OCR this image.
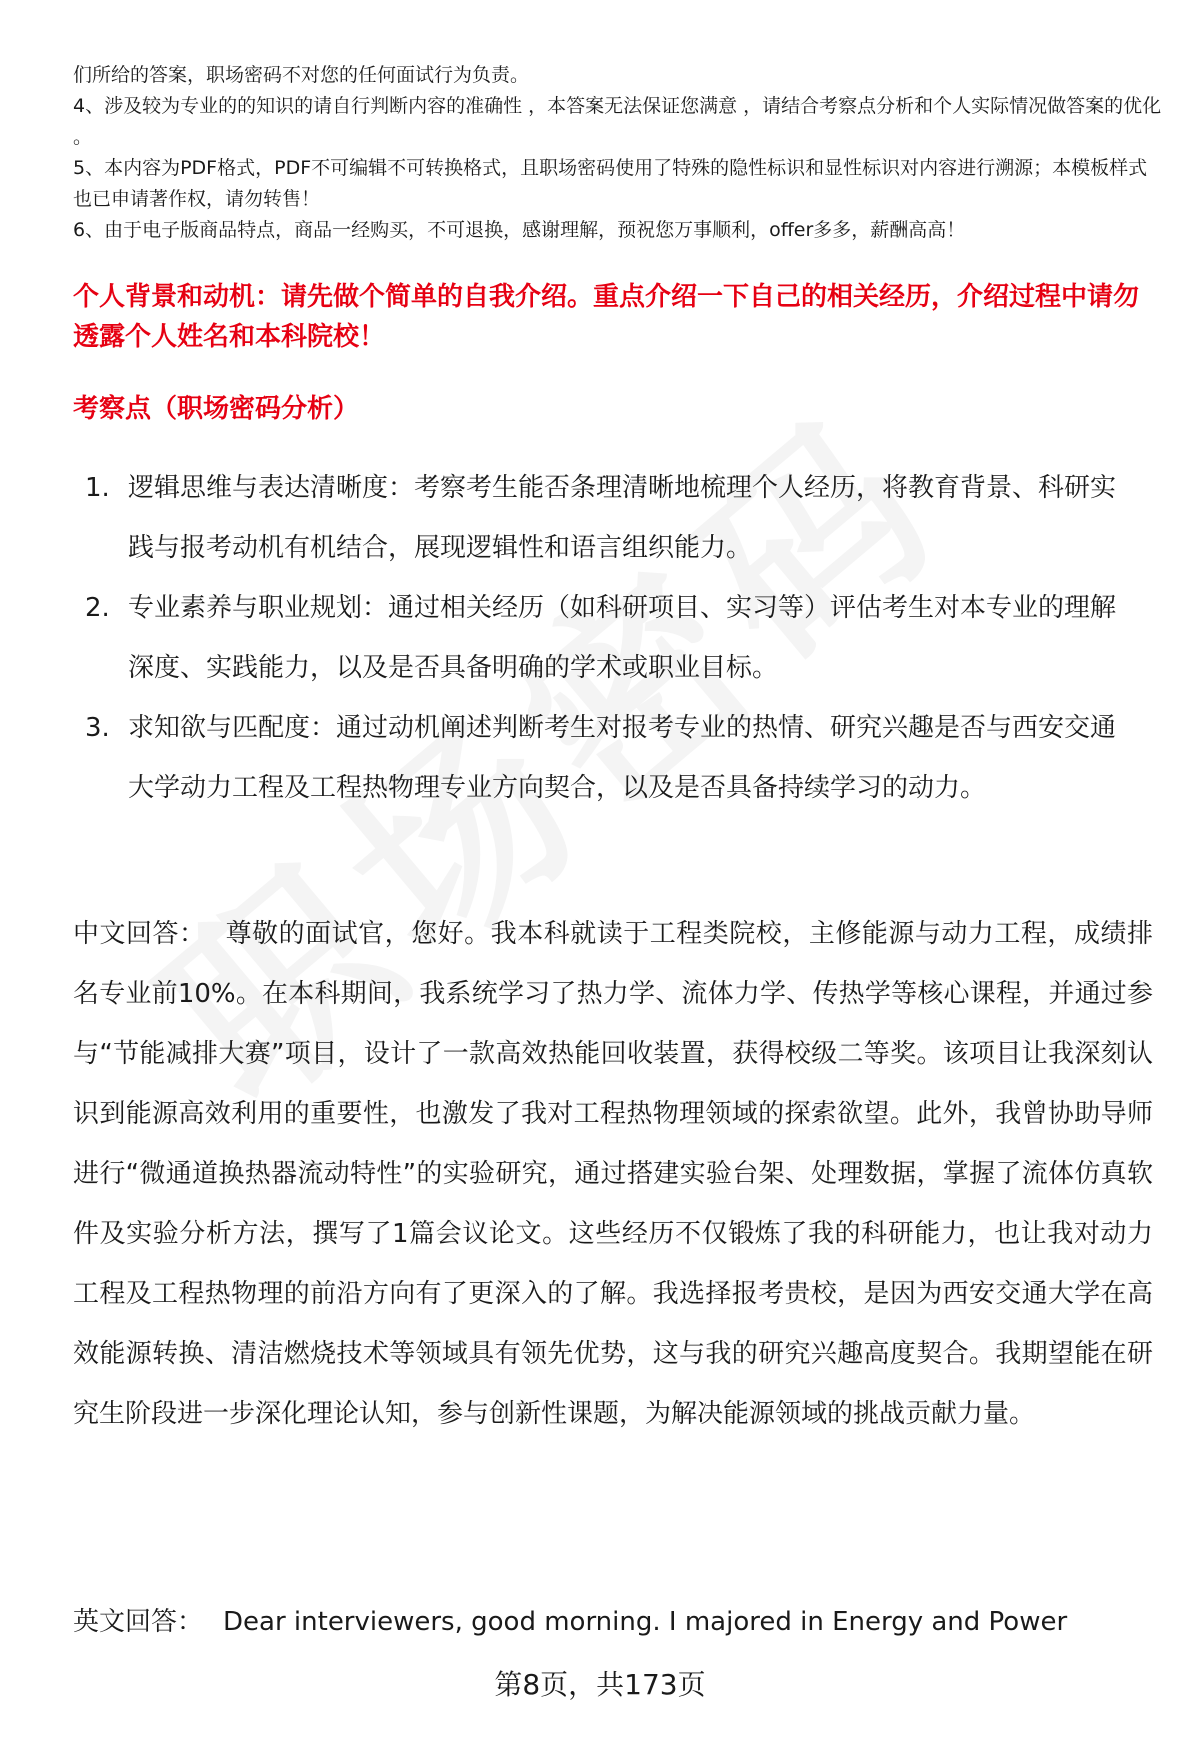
们所给的答案，职场密码不对您的任何面试行为负责。

4、涉及较为专业的的知识的请自行判断内容的准确性 ，本答案无法保证您满意 ，请结合考察点分析和个人实际情况做答案的优化 。

5、本内容为PDF格式，PDF不可编辑不可转换格式，且职场密码使用了特殊的隐性标识和显性标识对内容进行溯源；本模板样式也已申请著作权，请勿转售！

6、由于电子版商品特点，商品一经购买，不可退换，感谢理解，预祝您万事顺利，offer多多，薪酬高高！

个人背景和动机：请先做个简单的自我介绍。重点介绍一下自己的相关经历，介绍过程中请勿透露个人姓名和本科院校！
考察点（职场密码分析）
1. 逻辑思维与表达清晰度：考察考生能否条理清晰地梳理个人经历，将教育背景、科研实践与报考动机有机结合，展现逻辑性和语言组织能力。
2. 专业素养与职业规划：通过相关经历（如科研项目、实习等）评估考生对本专业的理解深度、实践能力，以及是否具备明确的学术或职业目标。
3. 求知欲与匹配度：通过动机阐述判断考生对报考专业的热情、研究兴趣是否与西安交通大学动力工程及工程热物理专业方向契合，以及是否具备持续学习的动力。
中文回答： 尊敬的面试官，您好。我本科就读于工程类院校，主修能源与动力工程，成绩排名专业前10%。在本科期间，我系统学习了热力学、流体力学、传热学等核心课程，并通过参与“节能减排大赛”项目，设计了一款高效热能回收装置，获得校级二等奖。该项目让我深刻认识到能源高效利用的重要性，也激发了我对工程热物理领域的探索欲望。此外，我曾协助导师进行“微通道换热器流动特性”的实验研究，通过搭建实验台架、处理数据，掌握了流体仿真软件及实验分析方法，撰写了1篇会议论文。这些经历不仅锻炼了我的科研能力，也让我对动力工程及工程热物理的前沿方向有了更深入的了解。我选择报考贵校，是因为西安交通大学在高效能源转换、清洁燃烧技术等领域具有领先优势，这与我的研究兴趣高度契合。我期望能在研究生阶段进一步深化理论认知，参与创新性课题，为解决能源领域的挑战贡献力量。
英文回答： Dear interviewers, good morning. I majored in Energy and Power
第8页，共173页
